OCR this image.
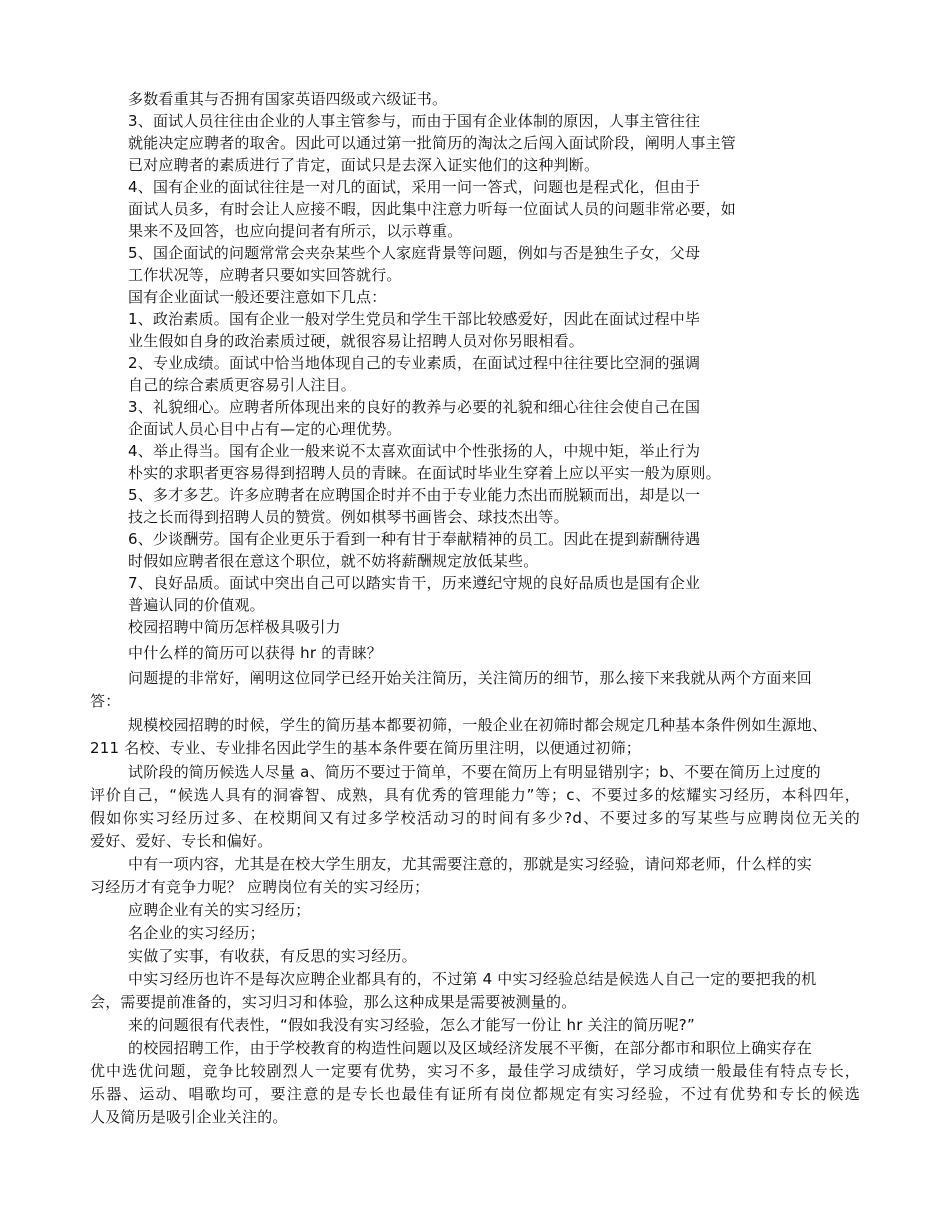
多数看重其与否拥有国家英语四级或六级证书。
3、面试人员往往由企业的人事主管参与，而由于国有企业体制的原因，人事主管往往
就能决定应聘者的取舍。因此可以通过第一批简历的淘汰之后闯入面试阶段，阐明人事主管
已对应聘者的素质进行了肯定，面试只是去深入证实他们的这种判断。
4、国有企业的面试往往是一对几的面试，采用一问一答式，问题也是程式化，但由于
面试人员多，有时会让人应接不暇，因此集中注意力听每一位面试人员的问题非常必要，如
果来不及回答，也应向提问者有所示，以示尊重。
5、国企面试的问题常常会夹杂某些个人家庭背景等问题，例如与否是独生子女，父母
工作状况等，应聘者只要如实回答就行。
国有企业面试一般还要注意如下几点：
1、政治素质。国有企业一般对学生党员和学生干部比较感爱好，因此在面试过程中毕
业生假如自身的政治素质过硬，就很容易让招聘人员对你另眼相看。
2、专业成绩。面试中恰当地体现自己的专业素质，在面试过程中往往要比空洞的强调
自己的综合素质更容易引人注目。
3、礼貌细心。应聘者所体现出来的良好的教养与必要的礼貌和细心往往会使自己在国
企面试人员心目中占有—定的心理优势。
4、举止得当。国有企业一般来说不太喜欢面试中个性张扬的人，中规中矩，举止行为
朴实的求职者更容易得到招聘人员的青睐。在面试时毕业生穿着上应以平实一般为原则。
5、多才多艺。许多应聘者在应聘国企时并不由于专业能力杰出而脱颖而出，却是以一
技之长而得到招聘人员的赞赏。例如棋琴书画皆会、球技杰出等。
6、少谈酬劳。国有企业更乐于看到一种有甘于奉献精神的员工。因此在提到薪酬待遇
时假如应聘者很在意这个职位，就不妨将薪酬规定放低某些。
7、良好品质。面试中突出自己可以踏实肯干，历来遵纪守规的良好品质也是国有企业
普遍认同的价值观。
校园招聘中简历怎样极具吸引力
中什么样的简历可以获得 hr 的青睐？
问题提的非常好，阐明这位同学已经开始关注简历，关注简历的细节，那么接下来我就从两个方面来回
答：
规模校园招聘的时候，学生的简历基本都要初筛，一般企业在初筛时都会规定几种基本条件例如生源地、
211 名校、专业、专业排名因此学生的基本条件要在简历里注明，以便通过初筛；
试阶段的简历候选人尽量 a、简历不要过于简单，不要在简历上有明显错别字；b、不要在简历上过度的
评价自己，“候选人具有的洞睿智、成熟，具有优秀的管理能力”等；c、不要过多的炫耀实习经历，本科四年，
假如你实习经历过多、在校期间又有过多学校活动习的时间有多少?d、不要过多的写某些与应聘岗位无关的
爱好、爱好、专长和偏好。
中有一项内容，尤其是在校大学生朋友，尤其需要注意的，那就是实习经验，请问郑老师，什么样的实
习经历才有竞争力呢？ 应聘岗位有关的实习经历；
应聘企业有关的实习经历；
名企业的实习经历；
实做了实事，有收获，有反思的实习经历。
中实习经历也许不是每次应聘企业都具有的，不过第 4 中实习经验总结是候选人自己一定的要把我的机
会，需要提前准备的，实习归习和体验，那么这种成果是需要被测量的。
来的问题很有代表性，“假如我没有实习经验，怎么才能写一份让 hr 关注的简历呢?”
的校园招聘工作，由于学校教育的构造性问题以及区域经济发展不平衡，在部分都市和职位上确实存在
优中选优问题，竞争比较剧烈人一定要有优势，实习不多，最佳学习成绩好，学习成绩一般最佳有特点专长，
乐器、运动、唱歌均可，要注意的是专长也最佳有证所有岗位都规定有实习经验，不过有优势和专长的候选
人及简历是吸引企业关注的。
